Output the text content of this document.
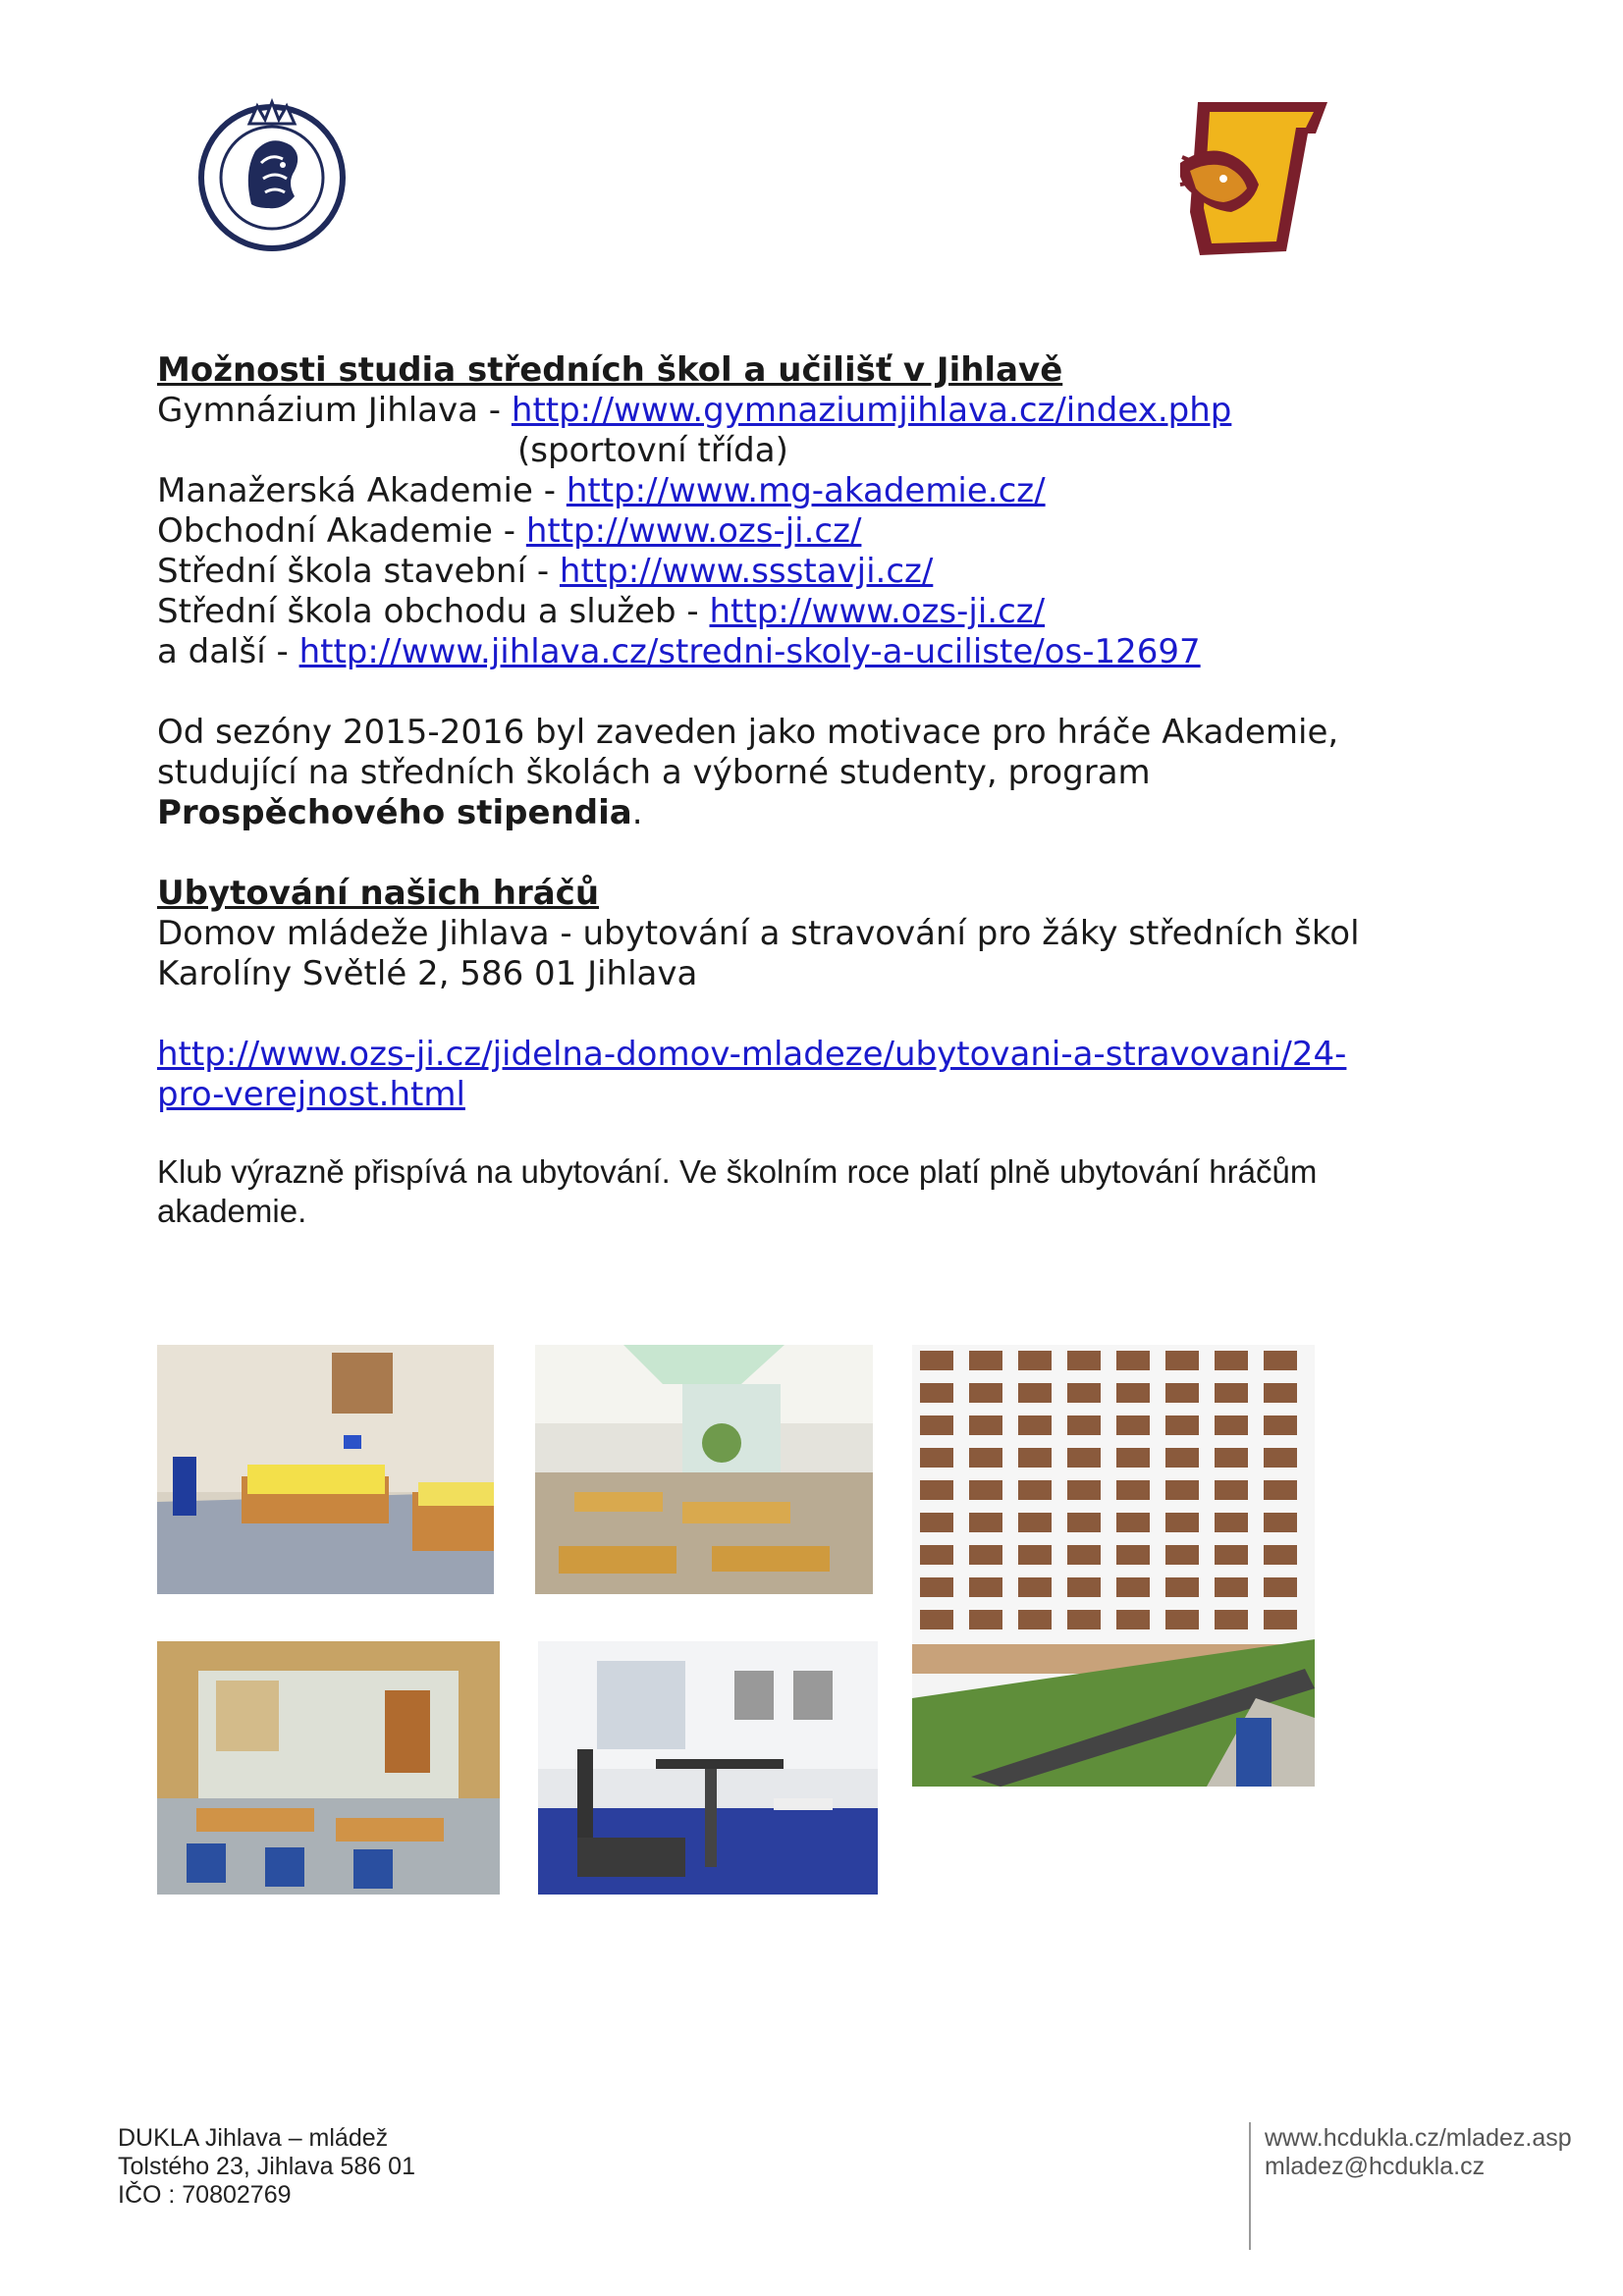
Možnosti studia středních škol a učilišť v Jihlavě
Gymnázium Jihlava - http://www.gymnaziumjihlava.cz/index.php
(sportovní třída)
Manažerská Akademie - http://www.mg-akademie.cz/
Obchodní Akademie - http://www.ozs-ji.cz/
Střední škola stavební - http://www.ssstavji.cz/
Střední škola obchodu a služeb - http://www.ozs-ji.cz/
a další - http://www.jihlava.cz/stredni-skoly-a-uciliste/os-12697
Od sezóny 2015-2016 byl zaveden jako motivace pro hráče Akademie,
studující na středních školách a výborné studenty, program
Prospěchového stipendia.
Ubytování našich hráčů
Domov mládeže Jihlava - ubytování a stravování pro žáky středních škol
Karolíny Světlé 2, 586 01 Jihlava
http://www.ozs-ji.cz/jidelna-domov-mladeze/ubytovani-a-stravovani/24-
pro-verejnost.html
Klub výrazně přispívá na ubytování. Ve školním roce platí plně ubytování hráčům
akademie.
DUKLA Jihlava – mládež
Tolstého 23, Jihlava 586 01
IČO : 70802769
www.hcdukla.cz/mladez.asp
mladez@hcdukla.cz
